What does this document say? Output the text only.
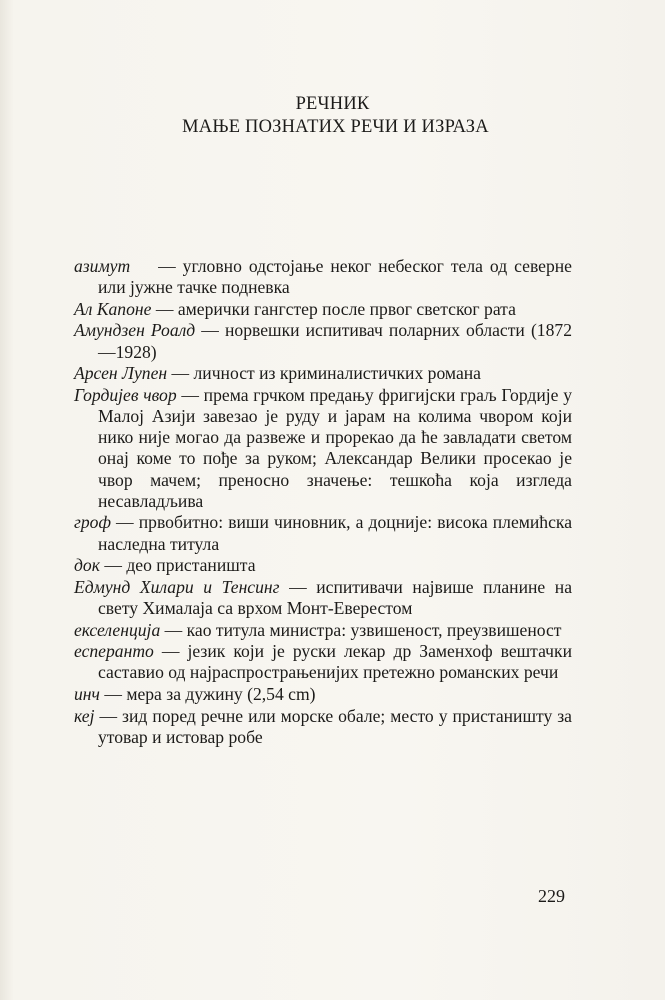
РЕЧНИК

МАЊЕ ПОЗНАТИХ РЕЧИ И ИЗРАЗА

азимут    — угловно одстојање неког небеског тела од северне или јужне тачке подневка

Ал Капоне — амерички гангстер после првог светског рата

Амундзен Роалд — норвешки испитивач поларних области (1872—1928)

Арсен Лупен — личност из криминалистичких романа

Гордијев чвор — према грчком предању фригијски граљ Гордије у Малој Азији завезао је руду и јарам на колима чвором који нико није могао да развеже и прорекао да ће завладати светом онај коме то пође за руком; Александар Велики просекао је чвор мачем; преносно значење: тешкоћа која изгледа несавладљива

гроф — првобитно: виши чиновник, а доцније: висока племићска наследна титула

док — део пристаништа

Едмунд Хилари и Тенсинг — испитивачи највише планине на свету Хималаја са врхом Монт-Еверестом

екселенција — као титула министра: узвишеност, преузвишеност

есперанто — језик који је руски лекар др Заменхоф вештачки саставио од најраспрострањенијих претежно романских речи

инч — мера за дужину (2,54 cm)

кеј — зид поред речне или морске обале; место у пристаништу за утовар и истовар робе

229
